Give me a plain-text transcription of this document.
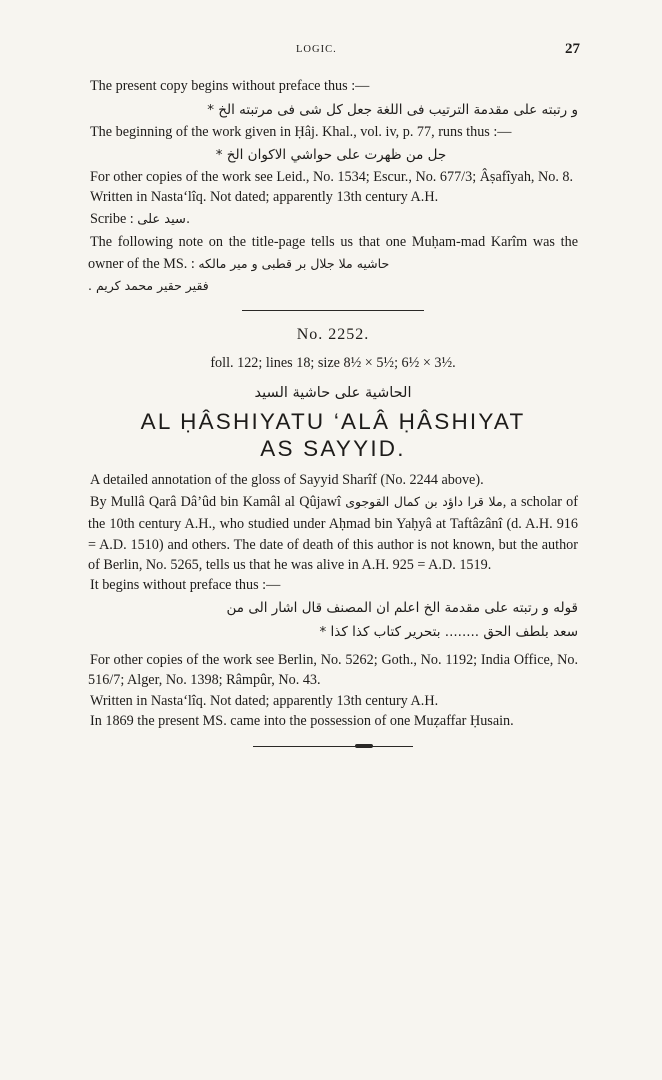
LOGIC.	27

The present copy begins without preface thus :—

و رتبته على مقدمة الترتيب فى اللغة جعل كل شى فى مرتبته الخ *

The beginning of the work given in Ḥâj. Khal., vol. iv, p. 77, runs thus :—

جل من ظهرت على حواشي الاكوان الخ *

For other copies of the work see Leid., No. 1534; Escur., No. 677/3; Âṣafîyah, No. 8.

Written in Nasta‘lîq. Not dated; apparently 13th century A.H.

Scribe : سید علی.

The following note on the title-page tells us that one Muḥam-mad Karîm was the owner of the MS. : حاشیه ملا جلال بر قطبی و میر مالکه

فقیر حقیر محمد کریم .

No. 2252.

foll. 122; lines 18; size 8½ × 5½; 6½ × 3½.

الحاشية على حاشية السيد

AL ḤÂSHIYATU ‘ALÂ ḤÂSHIYAT
AS SAYYID.

A detailed annotation of the gloss of Sayyid Sharîf (No. 2244 above).

By Mullâ Qarâ Dâ’ûd bin Kamâl al Qûjawî ملا قرا داؤد بن كمال القوجوى, a scholar of the 10th century A.H., who studied under Aḥmad bin Yaḥyâ at Taftâzânî (d. A.H. 916 = A.D. 1510) and others. The date of death of this author is not known, but the author of Berlin, No. 5265, tells us that he was alive in A.H. 925 = A.D. 1519.

It begins without preface thus :—

قوله و رتبته على مقدمة الخ اعلم ان المصنف قال اشار الى من

سعد بلطف الحق ........ بتحرير كتاب كذا كذا *

For other copies of the work see Berlin, No. 5262; Goth., No. 1192; India Office, No. 516/7; Alger, No. 1398; Râmpûr, No. 43.

Written in Nasta‘lîq. Not dated; apparently 13th century A.H.

In 1869 the present MS. came into the possession of one Muẓaffar Ḥusain.
